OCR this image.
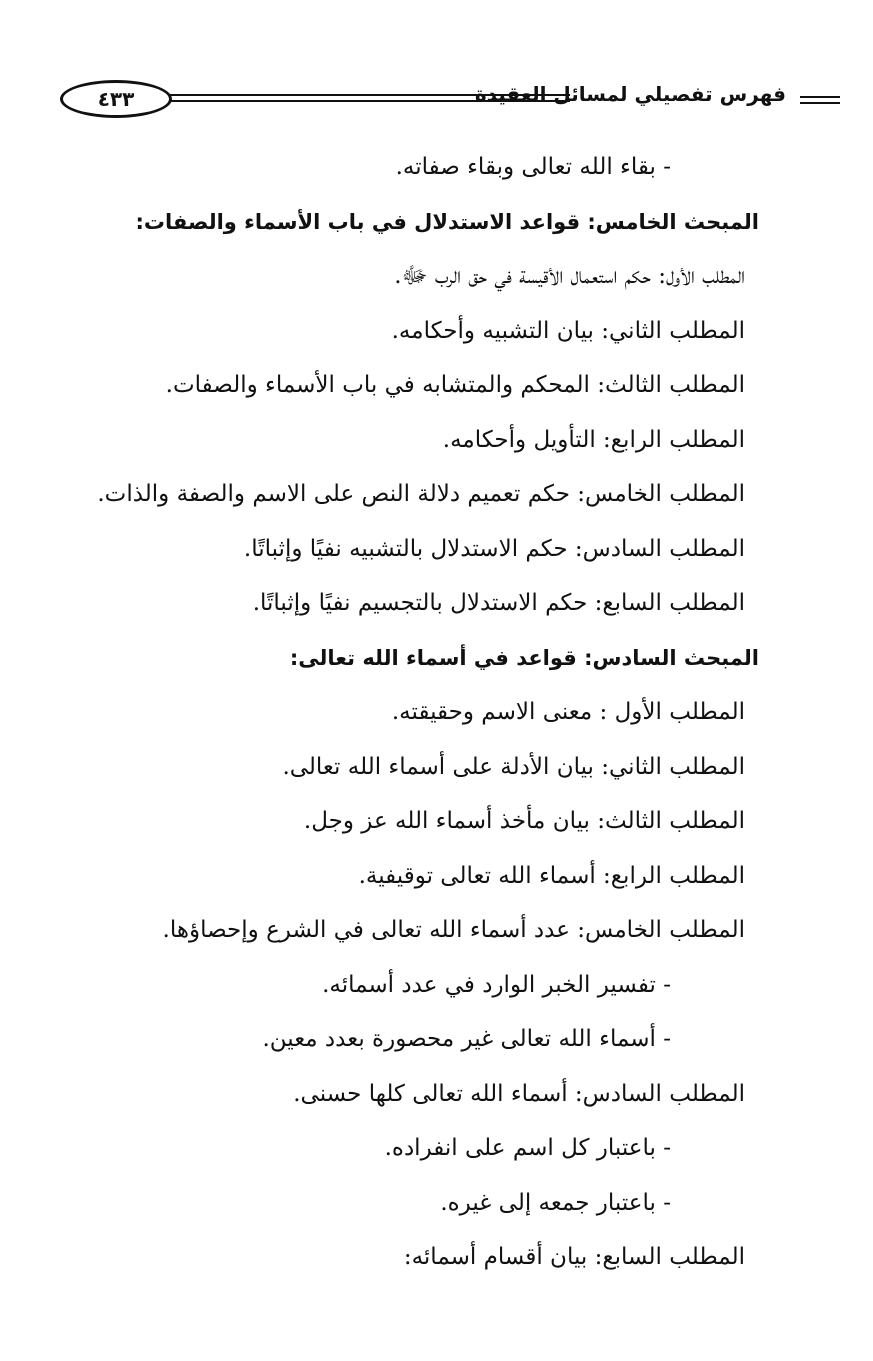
٤٣٣	فهرس تفصيلي لمسائل العقيدة
- بقاء الله تعالى وبقاء صفاته.
المبحث الخامس: قواعد الاستدلال في باب الأسماء والصفات:
المطلب الأول: حكم استعمال الأقيسة في حق الرب ﷻ.
المطلب الثاني: بيان التشبيه وأحكامه.
المطلب الثالث: المحكم والمتشابه في باب الأسماء والصفات.
المطلب الرابع: التأويل وأحكامه.
المطلب الخامس: حكم تعميم دلالة النص على الاسم والصفة والذات.
المطلب السادس: حكم الاستدلال بالتشبيه نفيًا وإثباتًا.
المطلب السابع: حكم الاستدلال بالتجسيم نفيًا وإثباتًا.
المبحث السادس: قواعد في أسماء الله تعالى:
المطلب الأول : معنى الاسم وحقيقته.
المطلب الثاني: بيان الأدلة على أسماء الله تعالى.
المطلب الثالث: بيان مأخذ أسماء الله عز وجل.
المطلب الرابع: أسماء الله تعالى توقيفية.
المطلب الخامس: عدد أسماء الله تعالى في الشرع وإحصاؤها.
- تفسير الخبر الوارد في عدد أسمائه.
- أسماء الله تعالى غير محصورة بعدد معين.
المطلب السادس: أسماء الله تعالى كلها حسنى.
- باعتبار كل اسم على انفراده.
- باعتبار جمعه إلى غيره.
المطلب السابع: بيان أقسام أسمائه:
